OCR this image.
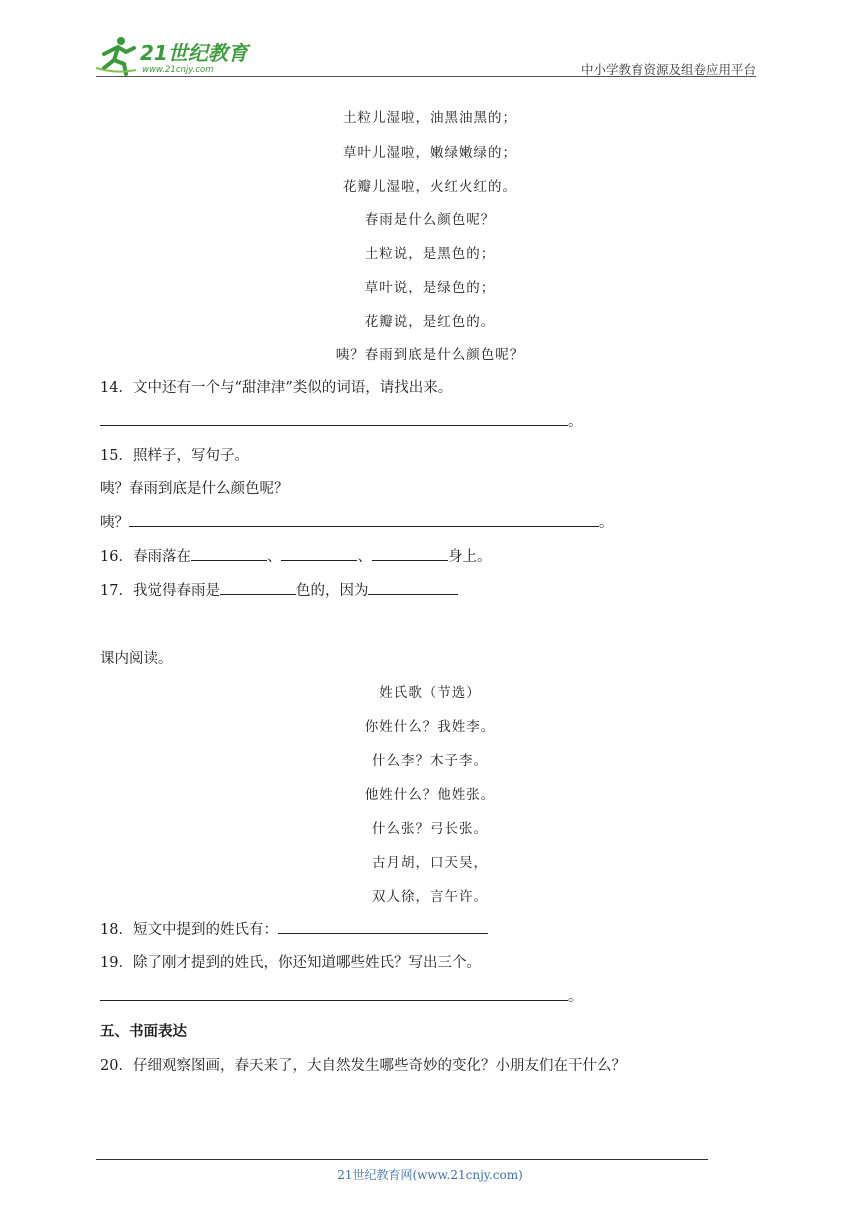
21世纪教育
www.21cnjy.com	中小学教育资源及组卷应用平台
土粒儿湿啦，油黑油黑的；
草叶儿湿啦，嫩绿嫩绿的；
花瓣儿湿啦，火红火红的。
春雨是什么颜色呢？
土粒说，是黑色的；
草叶说，是绿色的；
花瓣说，是红色的。
咦？春雨到底是什么颜色呢？
14．文中还有一个与“甜津津”类似的词语，请找出来。
。
15．照样子，写句子。
咦？春雨到底是什么颜色呢？
咦？	。
16．春雨落在	、	、	身上。
17．我觉得春雨是	色的，因为
课内阅读。
姓氏歌（节选）
你姓什么？我姓李。
什么李？木子李。
他姓什么？他姓张。
什么张？弓长张。
古月胡，口天吴，
双人徐，言午许。
18．短文中提到的姓氏有：
19．除了刚才提到的姓氏，你还知道哪些姓氏？写出三个。
。
五、书面表达
20．仔细观察图画，春天来了，大自然发生哪些奇妙的变化？小朋友们在干什么？
21世纪教育网(www.21cnjy.com)
